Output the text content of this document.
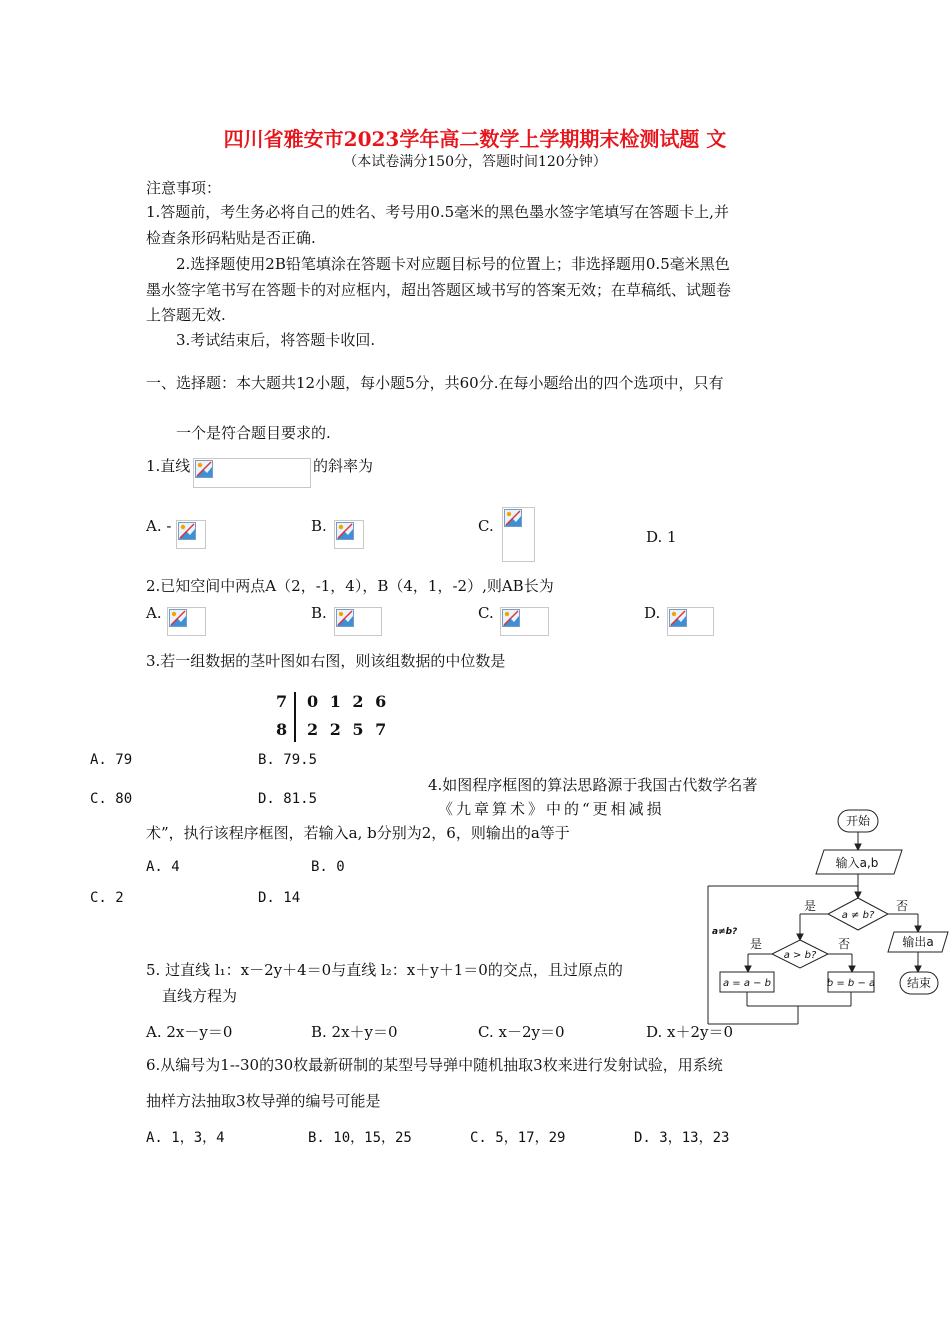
四川省雅安市2023学年高二数学上学期期末检测试题 文
（本试卷满分150分，答题时间120分钟）
注意事项：
1.答题前，考生务必将自己的姓名、考号用0.5毫米的黑色墨水签字笔填写在答题卡上,并
检查条形码粘贴是否正确.
2.选择题使用2B铅笔填涂在答题卡对应题目标号的位置上；非选择题用0.5毫米黑色
墨水签字笔书写在答题卡的对应框内，超出答题区域书写的答案无效；在草稿纸、试题卷
上答题无效.
3.考试结束后，将答题卡收回.
一、选择题：本大题共12小题，每小题5分，共60分.在每小题给出的四个选项中，只有
一个是符合题目要求的.
1.直线	的斜率为
A. -	B.	C.
D. 1
2.已知空间中两点A（2，-1，4），B（4，1，-2）,则AB长为
A.	B.	C.	D.
3.若一组数据的茎叶图如右图，则该组数据的中位数是
7 0 1 2 6
8 2 2 5 7
A. 79	B. 79.5
C. 80	D. 81.5
4.如图程序框图的算法思路源于我国古代数学名著
《九章算术》中的“更相减损
术”，执行该程序框图，若输入a, b分别为2，6，则输出的a等于
A. 4	B. 0
C. 2	D. 14
开始
输入a,b
a ≠ b?
是	否
输出a
结束
a≠b?
a > b?
是	否
a = a − b	b = b − a
5. 过直线 l₁：x－2y＋4＝0与直线 l₂：x＋y＋1＝0的交点，且过原点的
直线方程为
A. 2x－y＝0	B. 2x＋y＝0	C. x－2y＝0	D. x＋2y＝0
6.从编号为1--30的30枚最新研制的某型号导弹中随机抽取3枚来进行发射试验，用系统
抽样方法抽取3枚导弹的编号可能是
A. 1，3，4	B. 10，15，25	C. 5，17，29	D. 3，13，23
